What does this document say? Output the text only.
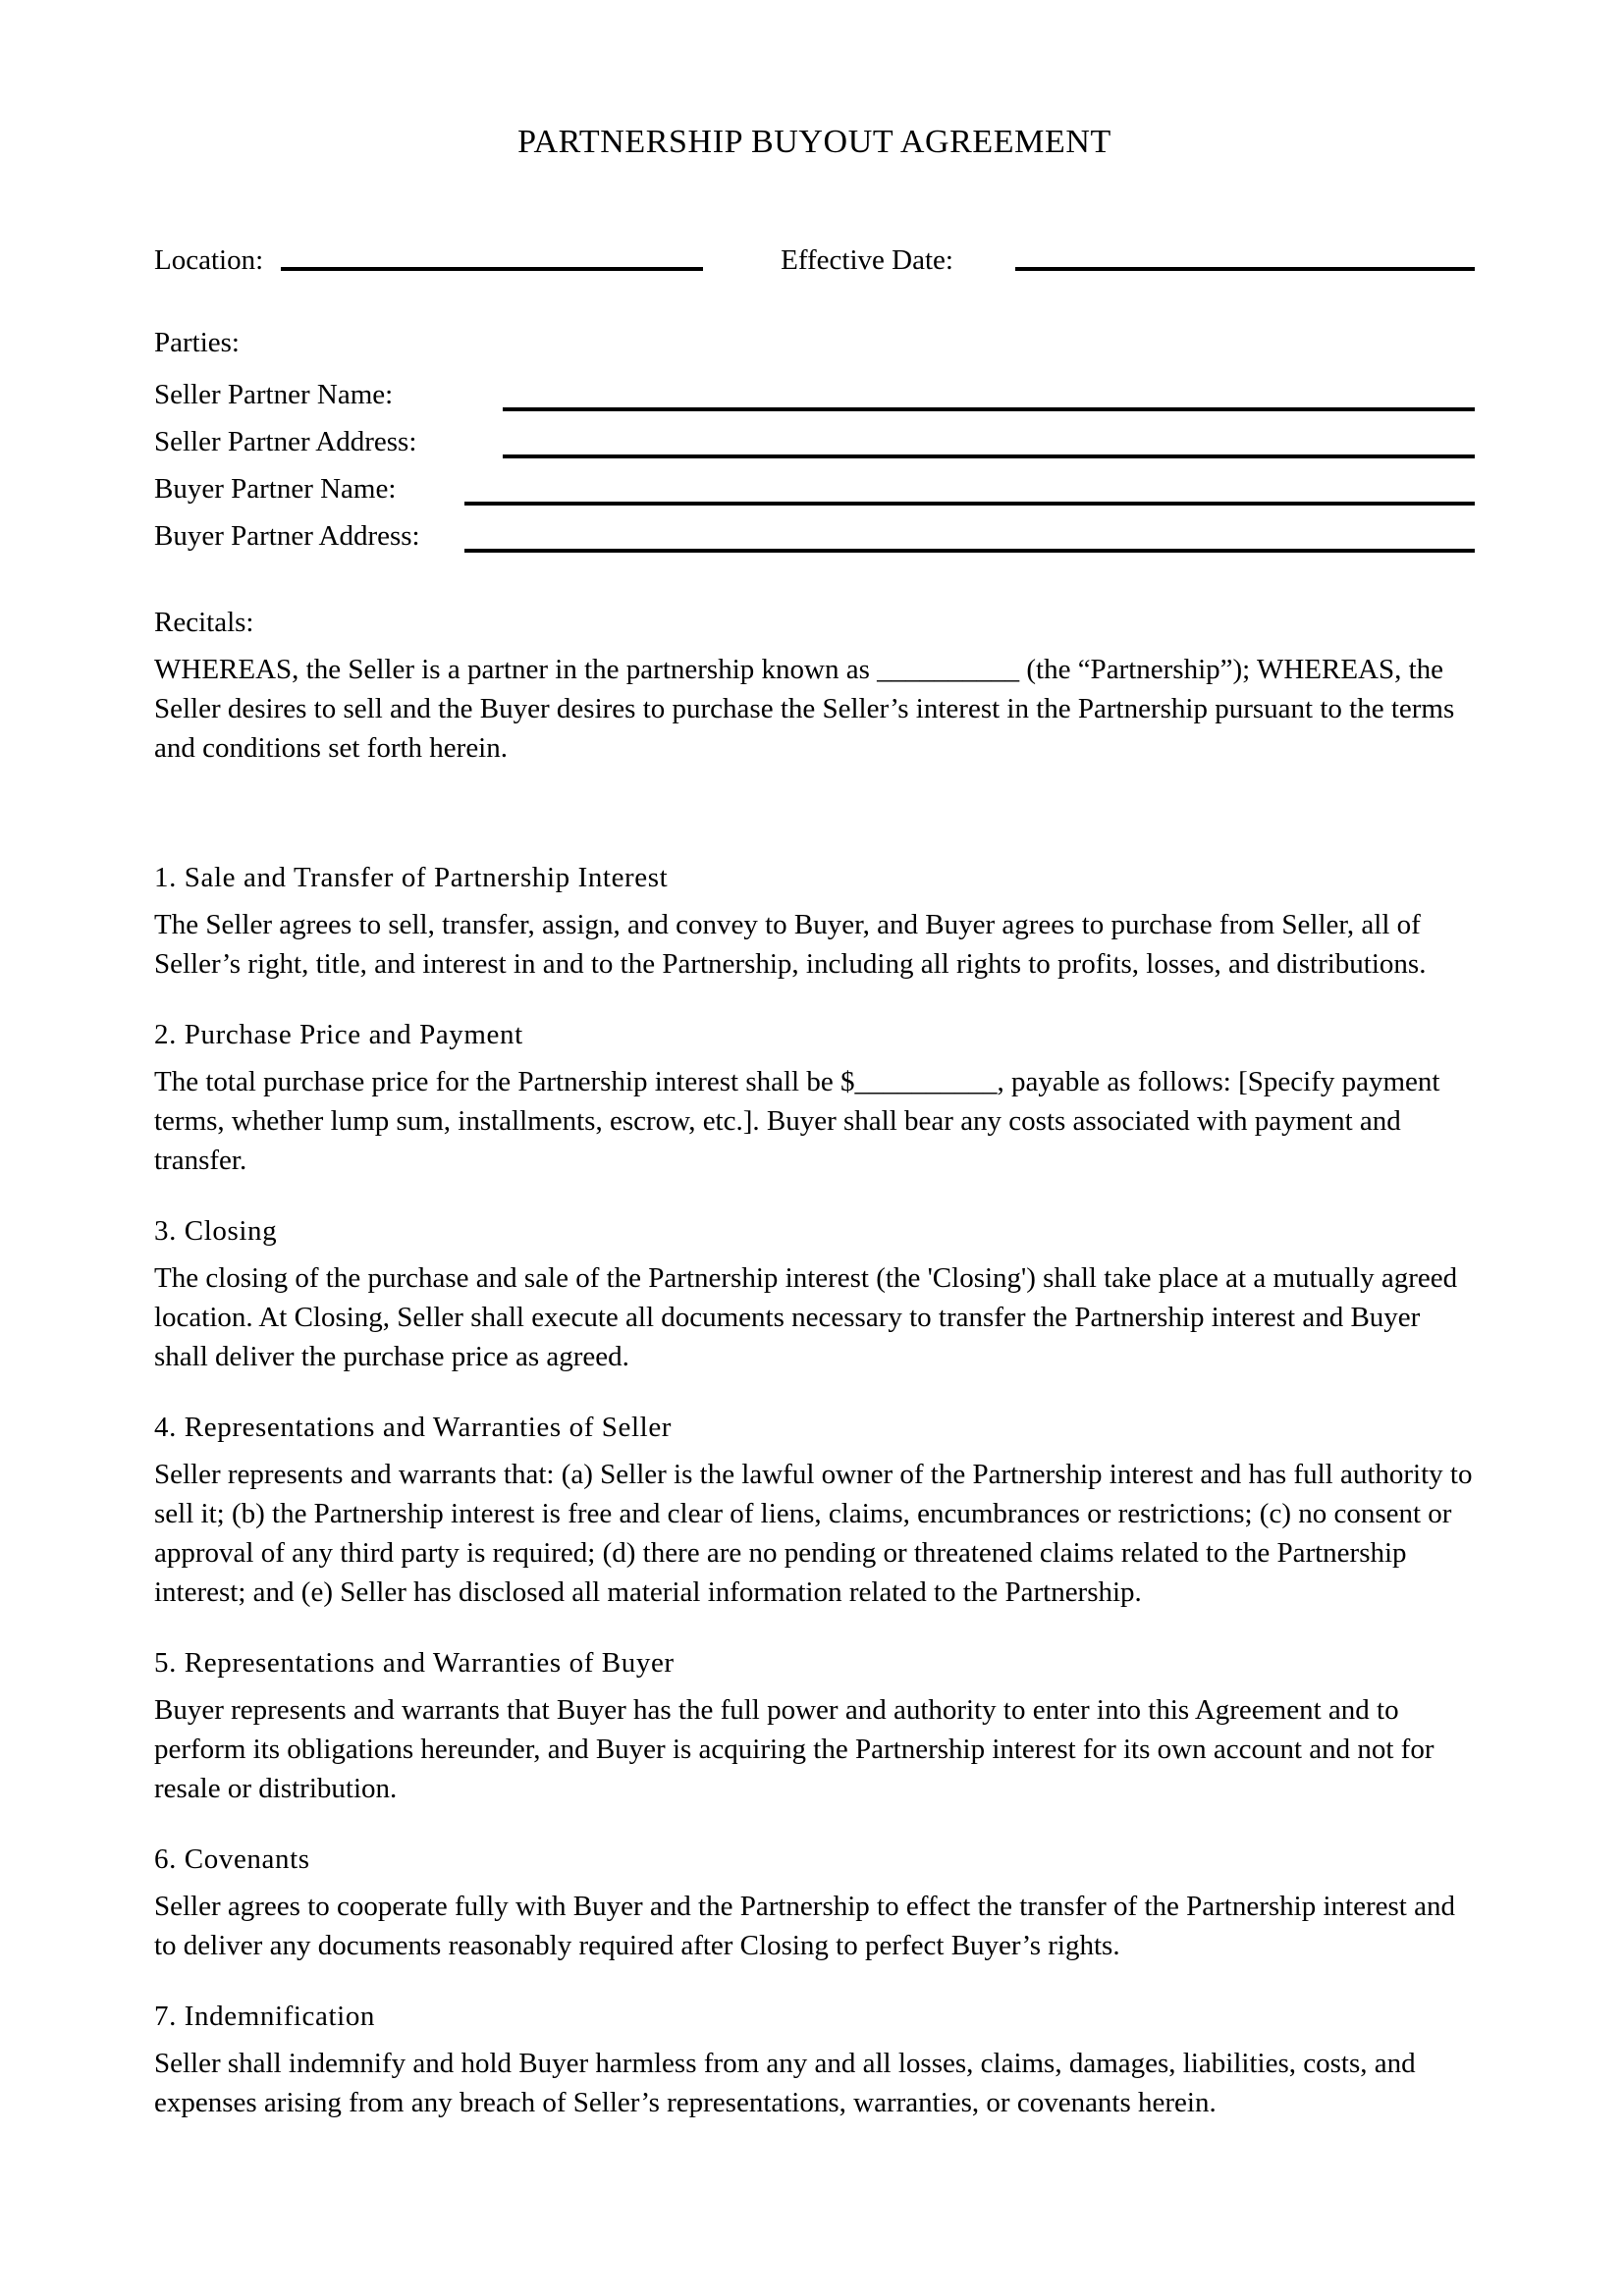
PARTNERSHIP BUYOUT AGREEMENT
Location:	Effective Date:
Parties:
Seller Partner Name:
Seller Partner Address:
Buyer Partner Name:
Buyer Partner Address:
Recitals:

WHEREAS, the Seller is a partner in the partnership known as __________ (the “Partnership”); WHEREAS, the Seller desires to sell and the Buyer desires to purchase the Seller’s interest in the Partnership pursuant to the terms and conditions set forth herein.

1. Sale and Transfer of Partnership Interest

The Seller agrees to sell, transfer, assign, and convey to Buyer, and Buyer agrees to purchase from Seller, all of Seller’s right, title, and interest in and to the Partnership, including all rights to profits, losses, and distributions.

2. Purchase Price and Payment

The total purchase price for the Partnership interest shall be $__________, payable as follows: [Specify payment terms, whether lump sum, installments, escrow, etc.]. Buyer shall bear any costs associated with payment and transfer.

3. Closing

The closing of the purchase and sale of the Partnership interest (the 'Closing') shall take place at a mutually agreed location. At Closing, Seller shall execute all documents necessary to transfer the Partnership interest and Buyer shall deliver the purchase price as agreed.

4. Representations and Warranties of Seller

Seller represents and warrants that: (a) Seller is the lawful owner of the Partnership interest and has full authority to sell it; (b) the Partnership interest is free and clear of liens, claims, encumbrances or restrictions; (c) no consent or approval of any third party is required; (d) there are no pending or threatened claims related to the Partnership interest; and (e) Seller has disclosed all material information related to the Partnership.

5. Representations and Warranties of Buyer

Buyer represents and warrants that Buyer has the full power and authority to enter into this Agreement and to perform its obligations hereunder, and Buyer is acquiring the Partnership interest for its own account and not for resale or distribution.

6. Covenants

Seller agrees to cooperate fully with Buyer and the Partnership to effect the transfer of the Partnership interest and to deliver any documents reasonably required after Closing to perfect Buyer’s rights.

7. Indemnification

Seller shall indemnify and hold Buyer harmless from any and all losses, claims, damages, liabilities, costs, and expenses arising from any breach of Seller’s representations, warranties, or covenants herein.
